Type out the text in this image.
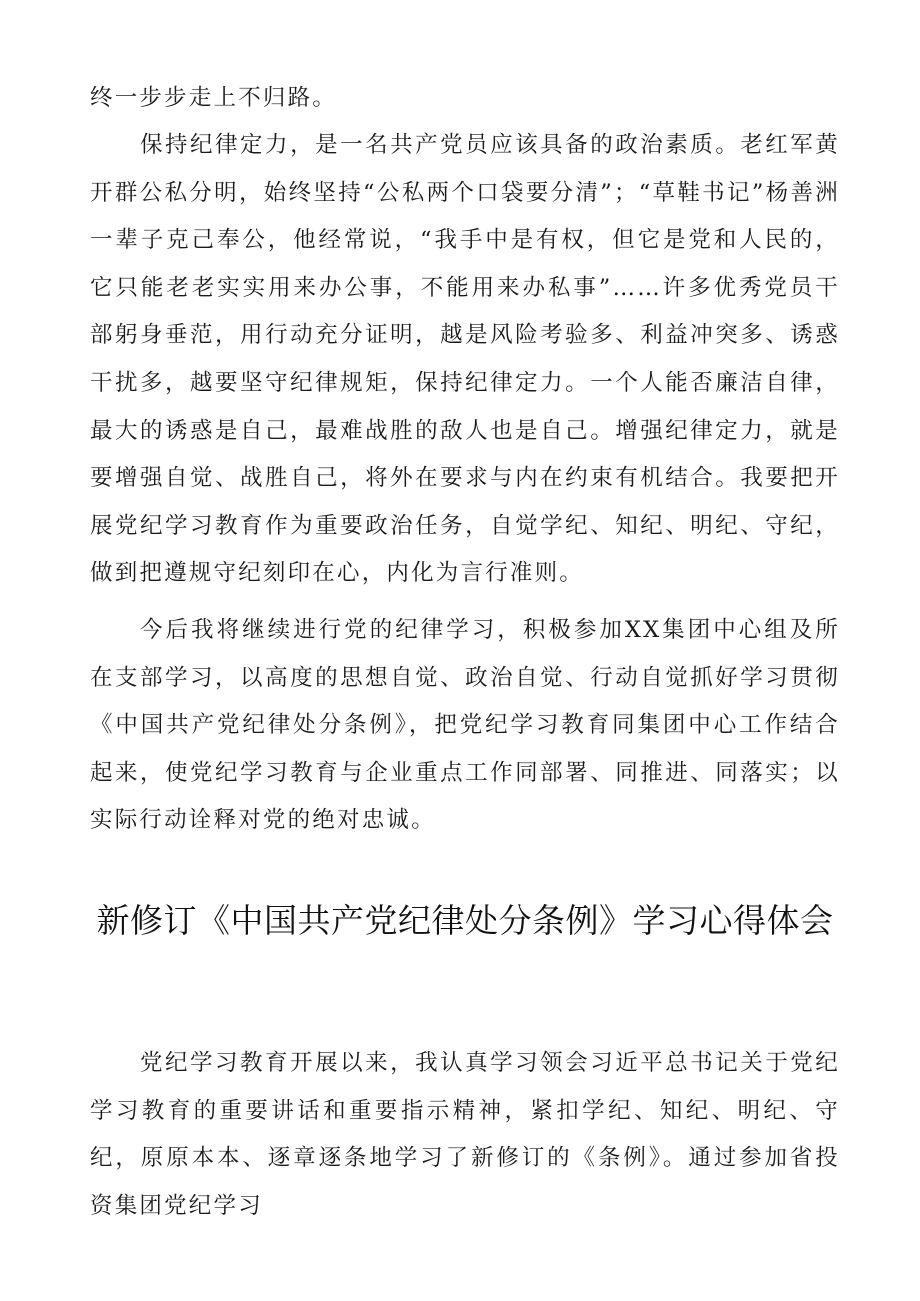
终一步步走上不归路。

保持纪律定力，是一名共产党员应该具备的政治素质。老红军黄开群公私分明，始终坚持“公私两个口袋要分清”；“草鞋书记”杨善洲一辈子克己奉公，他经常说，“我手中是有权，但它是党和人民的，它只能老老实实用来办公事，不能用来办私事”……许多优秀党员干部躬身垂范，用行动充分证明，越是风险考验多、利益冲突多、诱惑干扰多，越要坚守纪律规矩，保持纪律定力。一个人能否廉洁自律，最大的诱惑是自己，最难战胜的敌人也是自己。增强纪律定力，就是要增强自觉、战胜自己，将外在要求与内在约束有机结合。我要把开展党纪学习教育作为重要政治任务，自觉学纪、知纪、明纪、守纪，做到把遵规守纪刻印在心，内化为言行准则。

今后我将继续进行党的纪律学习，积极参加XX集团中心组及所在支部学习，以高度的思想自觉、政治自觉、行动自觉抓好学习贯彻《中国共产党纪律处分条例》，把党纪学习教育同集团中心工作结合起来，使党纪学习教育与企业重点工作同部署、同推进、同落实；以实际行动诠释对党的绝对忠诚。

新修订《中国共产党纪律处分条例》学习心得体会

党纪学习教育开展以来，我认真学习领会习近平总书记关于党纪学习教育的重要讲话和重要指示精神，紧扣学纪、知纪、明纪、守纪，原原本本、逐章逐条地学习了新修订的《条例》。通过参加省投资集团党纪学习
